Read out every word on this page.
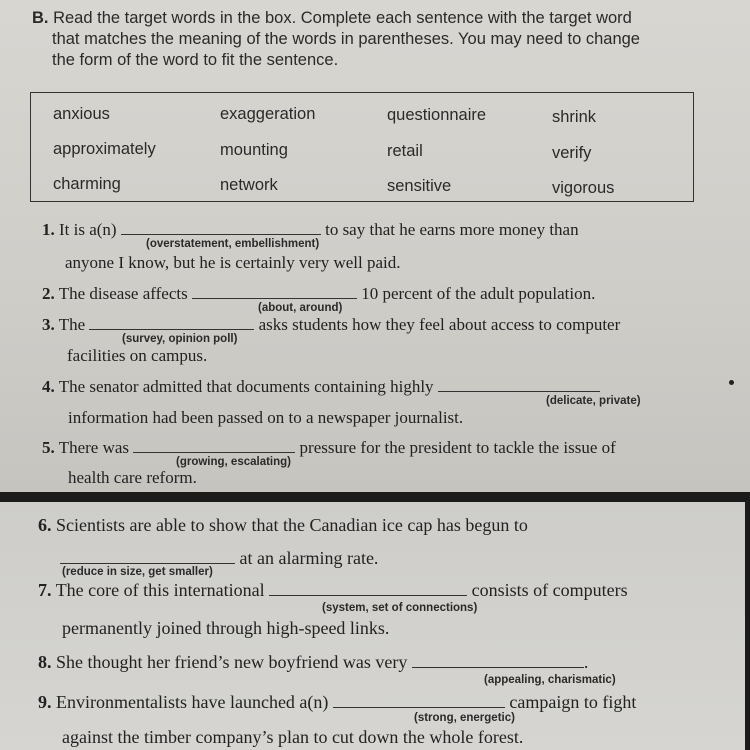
B. Read the target words in the box. Complete each sentence with the target word
that matches the meaning of the words in parentheses. You may need to change
the form of the word to fit the sentence.
anxious	exaggeration	questionnaire	shrink
approximately	mounting	retail	verify
charming	network	sensitive	vigorous
1. It is a(n)	to say that he earns more money than
(overstatement, embellishment)
anyone I know, but he is certainly very well paid.
2. The disease affects	10 percent of the adult population.
(about, around)
3. The	asks students how they feel about access to computer
(survey, opinion poll)
facilities on campus.
4. The senator admitted that documents containing highly
(delicate, private)
information had been passed on to a newspaper journalist.
5. There was	pressure for the president to tackle the issue of
(growing, escalating)
health care reform.
6. Scientists are able to show that the Canadian ice cap has begun to
at an alarming rate.
(reduce in size, get smaller)
7. The core of this international	consists of computers
(system, set of connections)
permanently joined through high-speed links.
8. She thought her friend’s new boyfriend was very	.
(appealing, charismatic)
9. Environmentalists have launched a(n)	campaign to fight
(strong, energetic)
against the timber company’s plan to cut down the whole forest.
